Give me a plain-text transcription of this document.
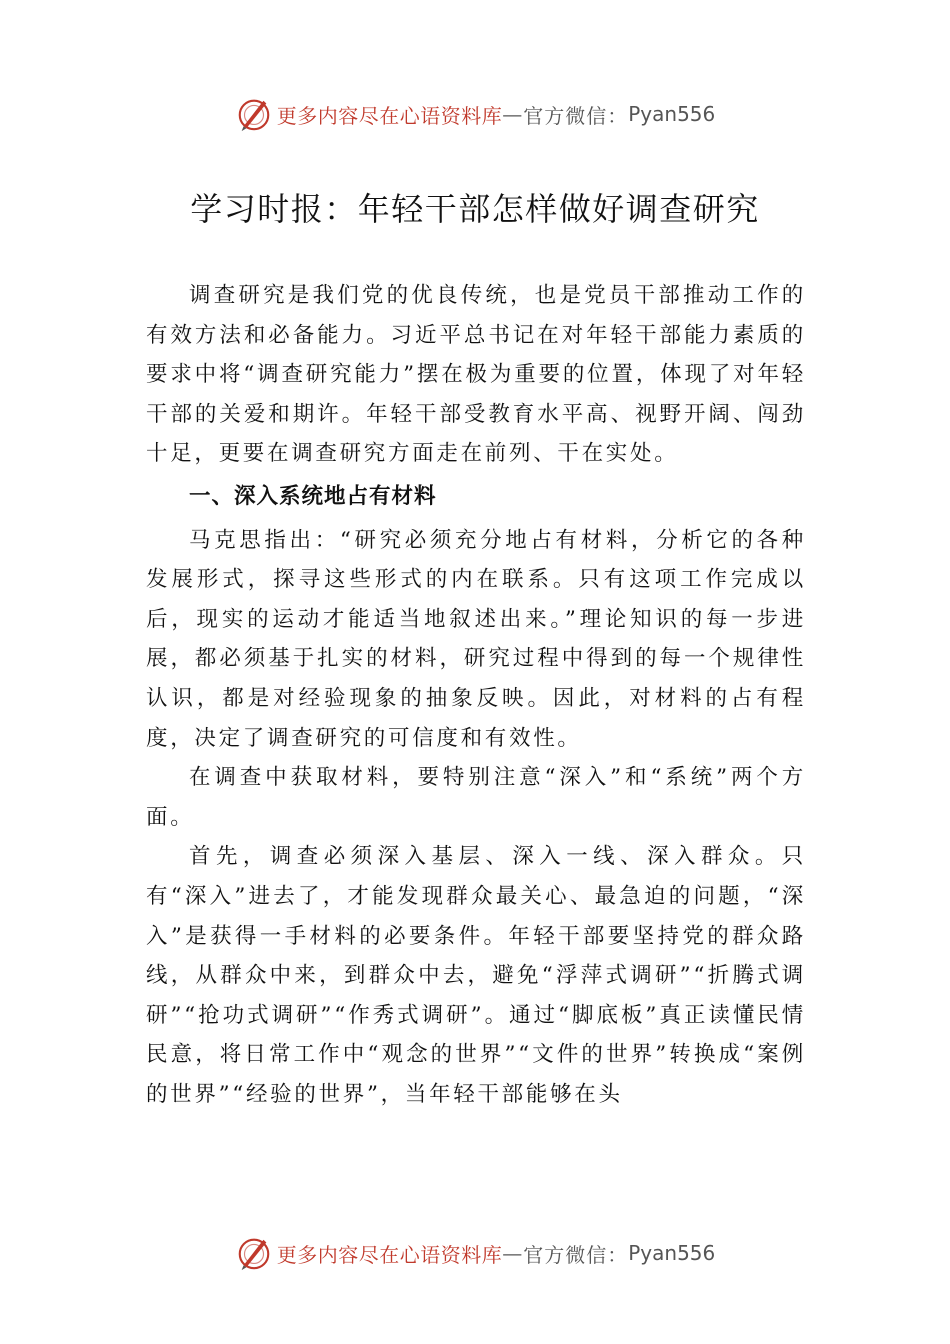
更多内容尽在心语资料库 — 官方微信： Pyan556
学习时报：年轻干部怎样做好调查研究

调查研究是我们党的优良传统，也是党员干部推动工作的有效方法和必备能力。习近平总书记在对年轻干部能力素质的要求中将“调查研究能力”摆在极为重要的位置，体现了对年轻干部的关爱和期许。年轻干部受教育水平高、视野开阔、闯劲十足，更要在调查研究方面走在前列、干在实处。

一、深入系统地占有材料

马克思指出：“研究必须充分地占有材料，分析它的各种发展形式，探寻这些形式的内在联系。只有这项工作完成以后，现实的运动才能适当地叙述出来。”理论知识的每一步进展，都必须基于扎实的材料，研究过程中得到的每一个规律性认识，都是对经验现象的抽象反映。因此，对材料的占有程度，决定了调查研究的可信度和有效性。

在调查中获取材料，要特别注意“深入”和“系统”两个方面。

首先，调查必须深入基层、深入一线、深入群众。只有“深入”进去了，才能发现群众最关心、最急迫的问题，“深入”是获得一手材料的必要条件。年轻干部要坚持党的群众路线，从群众中来，到群众中去，避免“浮萍式调研”“折腾式调研”“抢功式调研”“作秀式调研”。通过“脚底板”真正读懂民情民意，将日常工作中“观念的世界”“文件的世界”转换成“案例的世界”“经验的世界”，当年轻干部能够在头

更多内容尽在心语资料库 — 官方微信： Pyan556
